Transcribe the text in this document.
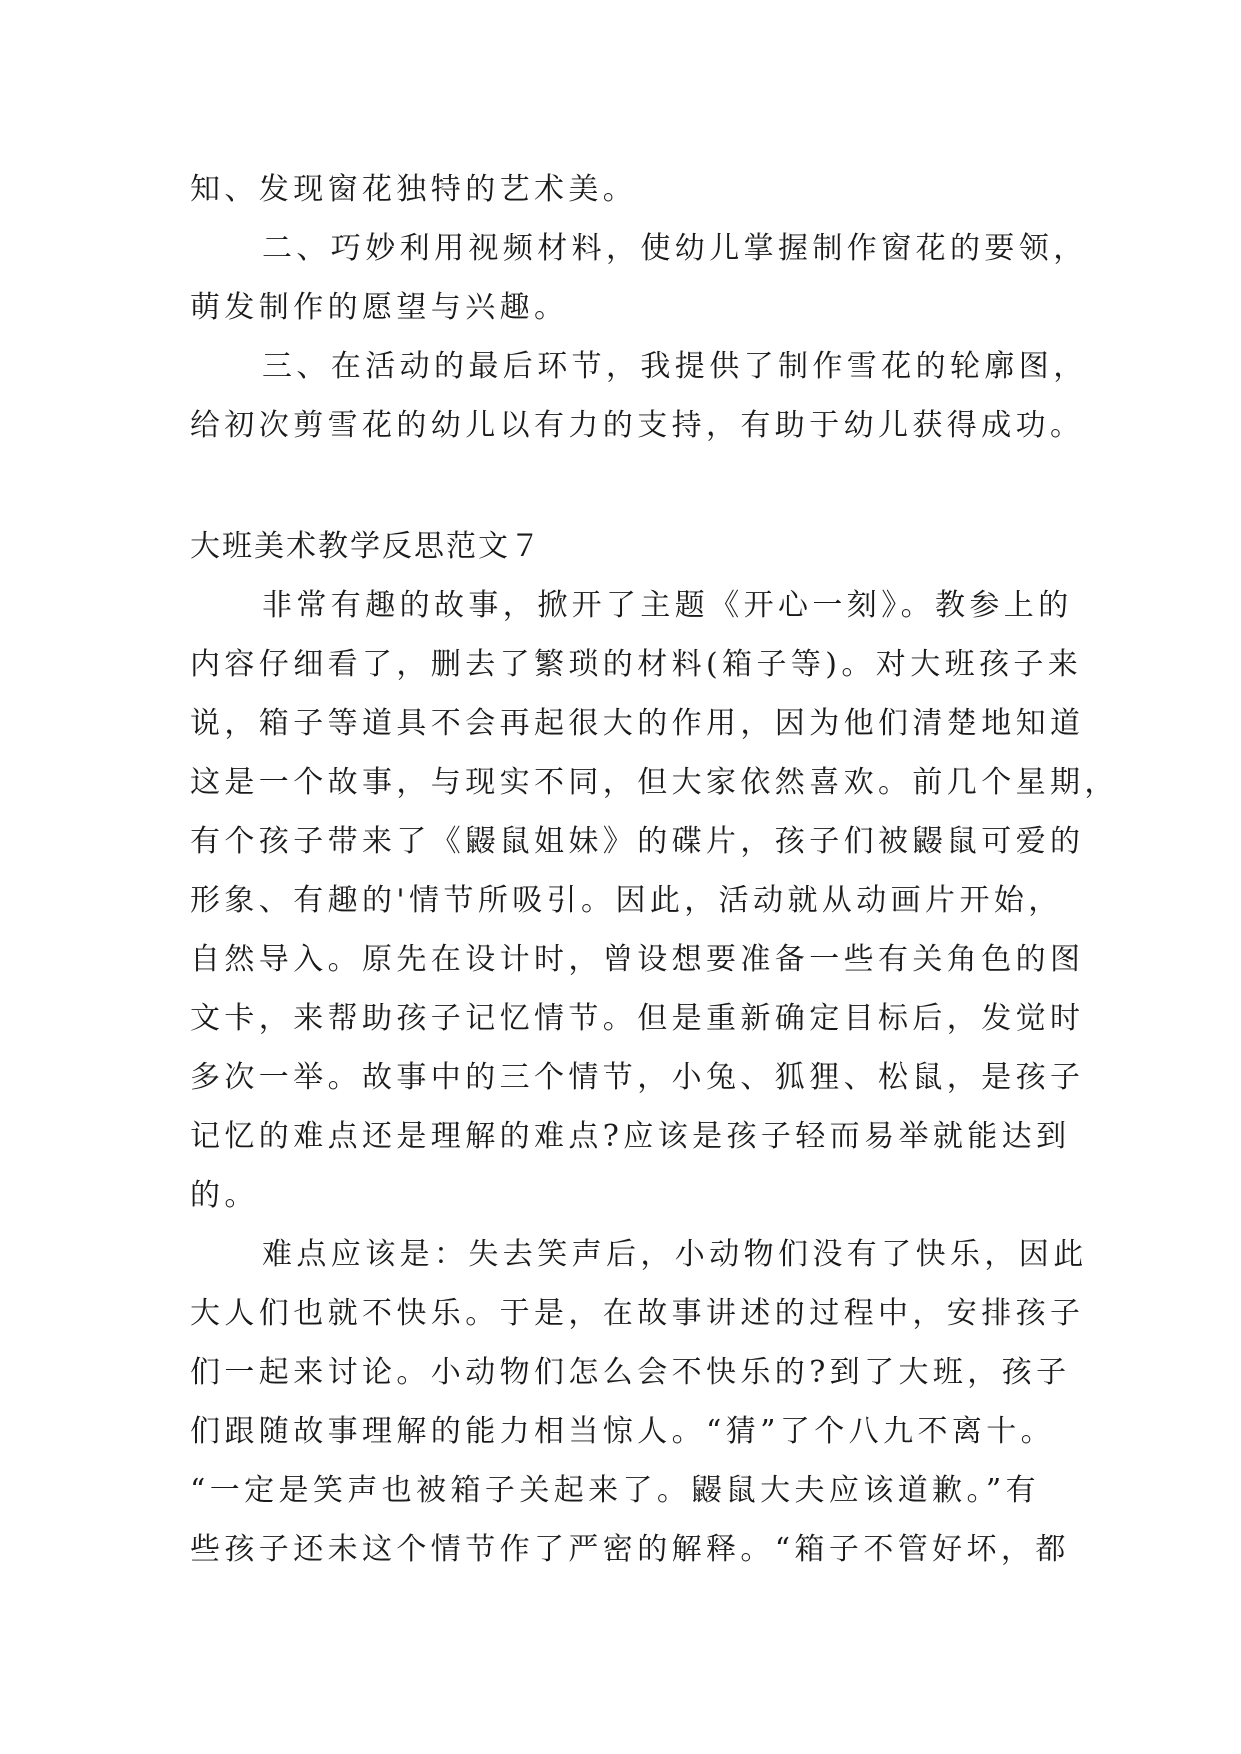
知、发现窗花独特的艺术美。
二、巧妙利用视频材料，使幼儿掌握制作窗花的要领，
萌发制作的愿望与兴趣。
三、在活动的最后环节，我提供了制作雪花的轮廓图，
给初次剪雪花的幼儿以有力的支持，有助于幼儿获得成功。
大班美术教学反思范文７
非常有趣的故事，掀开了主题《开心一刻》。教参上的
内容仔细看了，删去了繁琐的材料(箱子等)。对大班孩子来
说，箱子等道具不会再起很大的作用，因为他们清楚地知道
这是一个故事，与现实不同，但大家依然喜欢。前几个星期，
有个孩子带来了《鼹鼠姐妹》的碟片，孩子们被鼹鼠可爱的
形象、有趣的'情节所吸引。因此，活动就从动画片开始，
自然导入。原先在设计时，曾设想要准备一些有关角色的图
文卡，来帮助孩子记忆情节。但是重新确定目标后，发觉时
多次一举。故事中的三个情节，小兔、狐狸、松鼠，是孩子
记忆的难点还是理解的难点?应该是孩子轻而易举就能达到
的。
难点应该是：失去笑声后，小动物们没有了快乐，因此
大人们也就不快乐。于是，在故事讲述的过程中，安排孩子
们一起来讨论。小动物们怎么会不快乐的?到了大班，孩子
们跟随故事理解的能力相当惊人。“猜”了个八九不离十。
“一定是笑声也被箱子关起来了。鼹鼠大夫应该道歉。”有
些孩子还未这个情节作了严密的解释。“箱子不管好坏，都
